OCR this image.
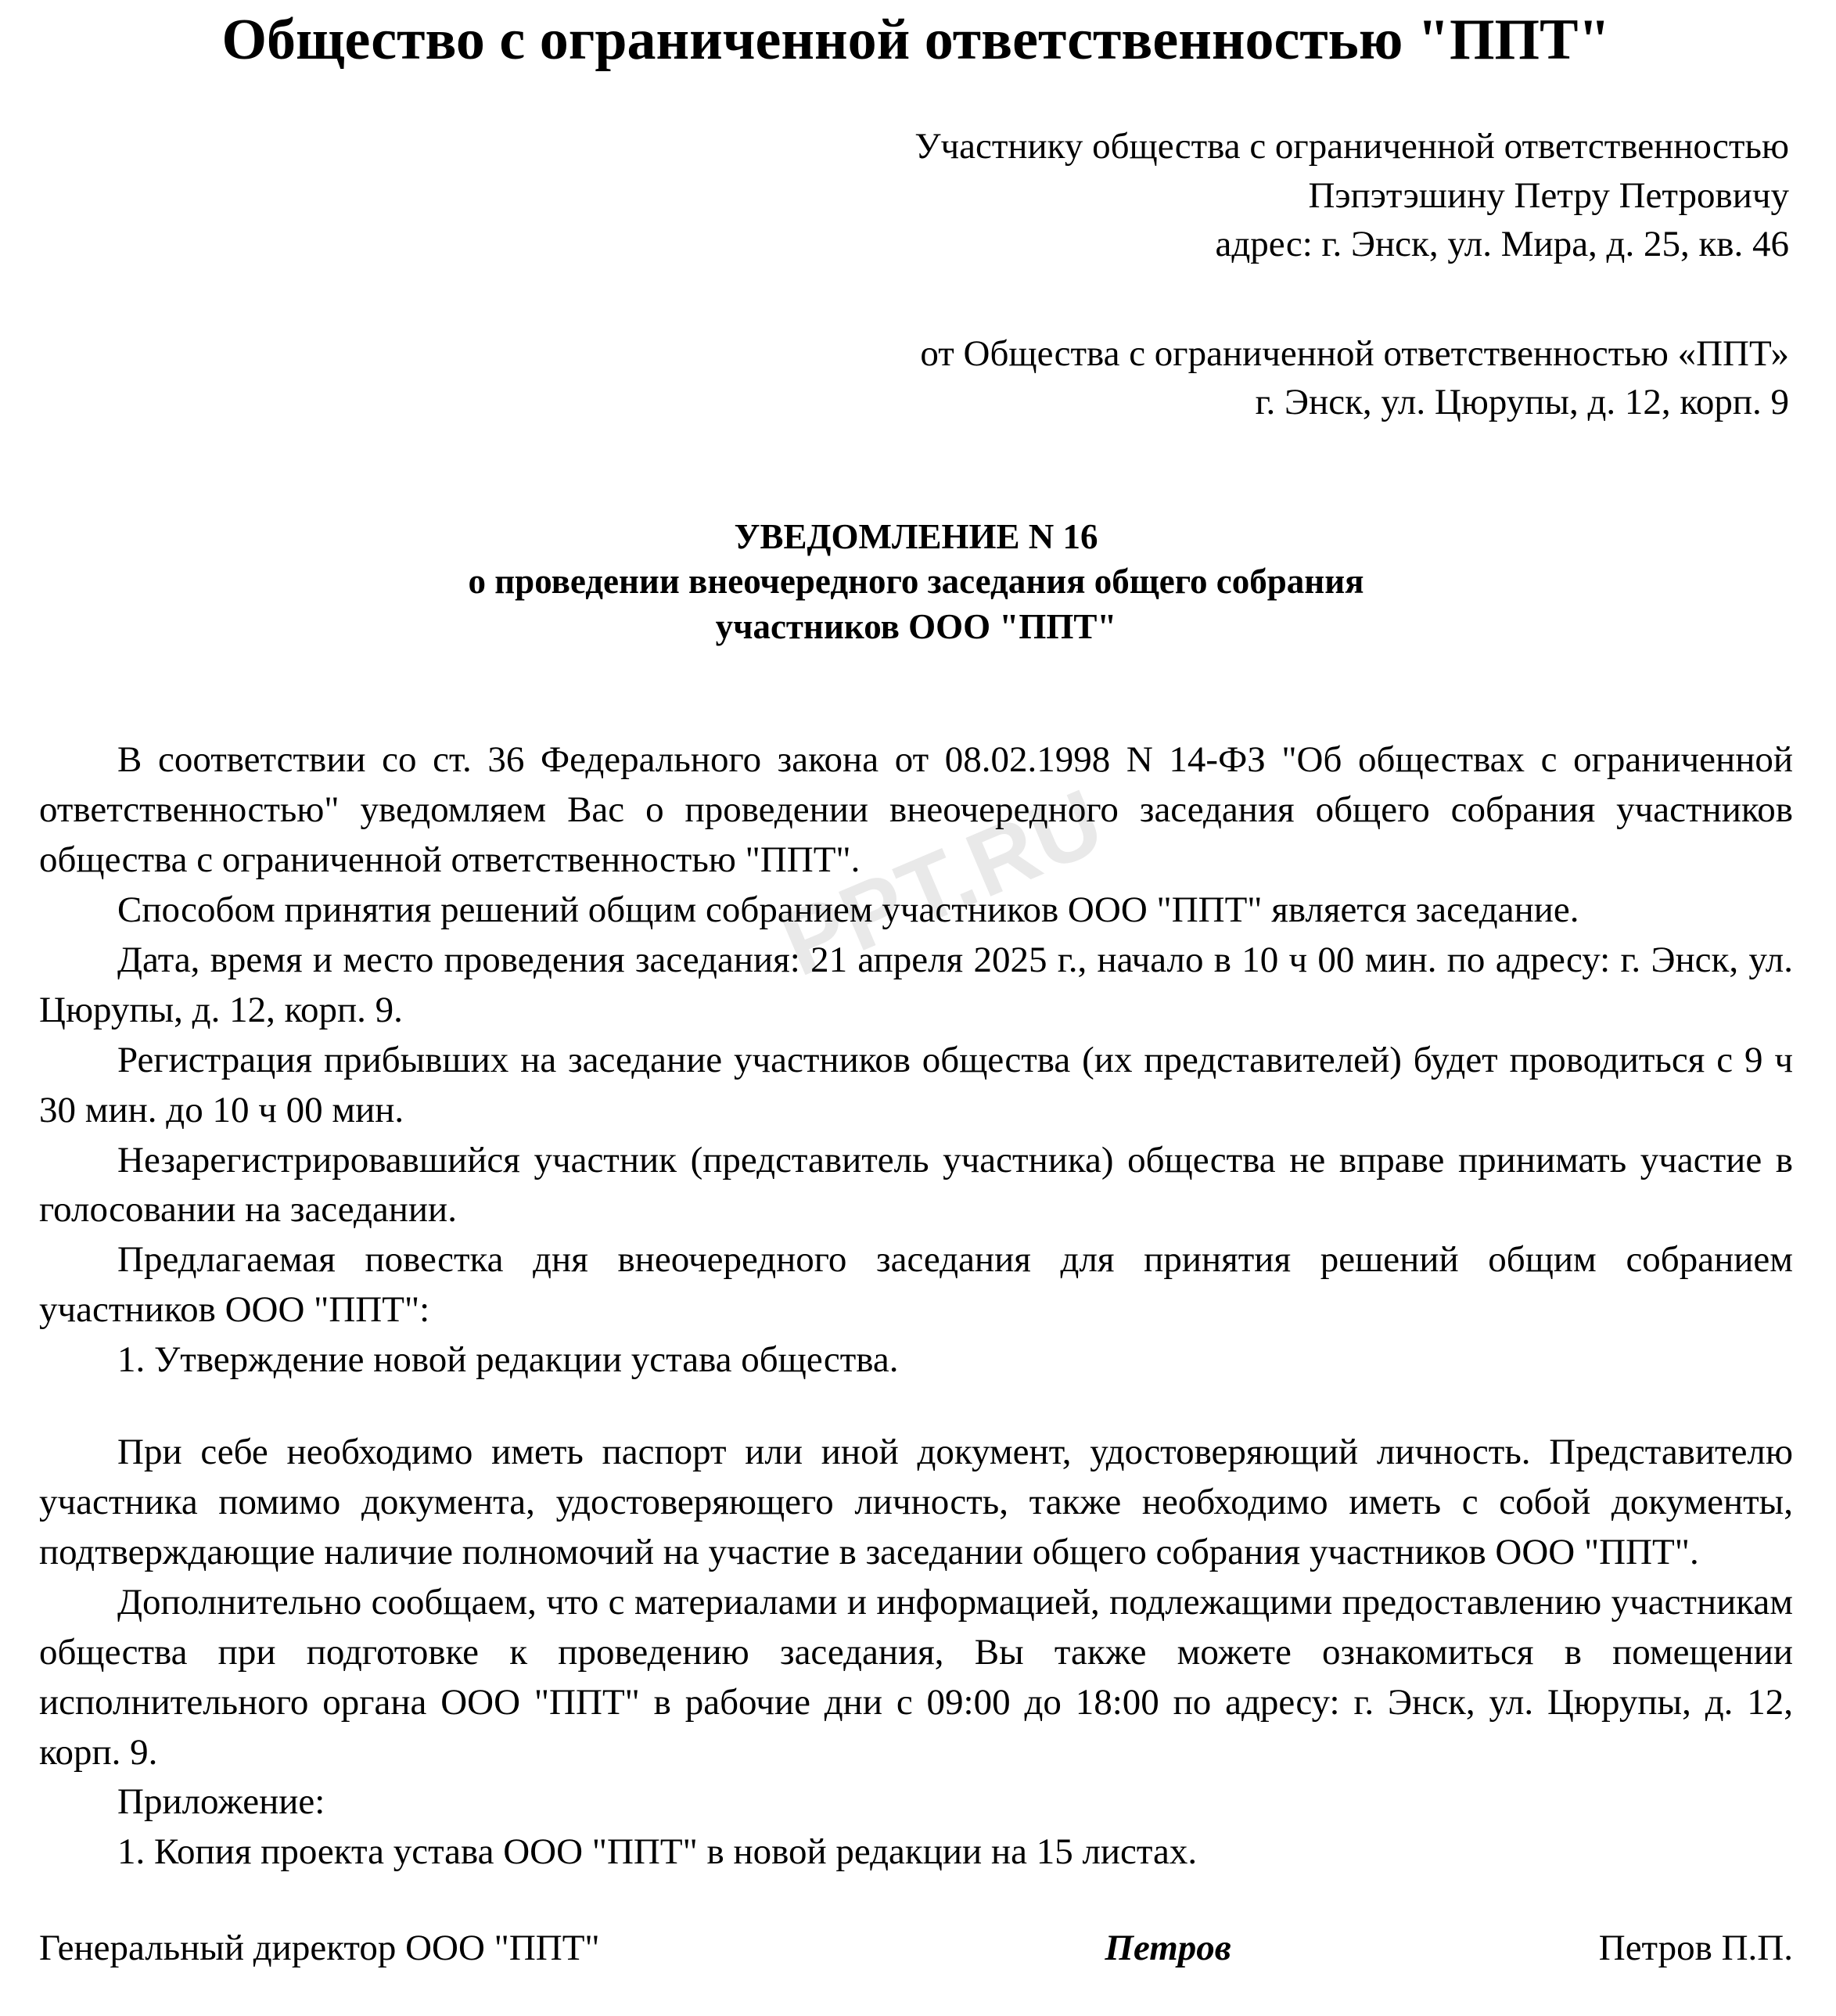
PPT.RU
Общество с ограниченной ответственностью "ППТ"
Участнику общества с ограниченной ответственностью
Пэпэтэшину Петру Петровичу
адрес: г. Энск, ул. Мира, д. 25, кв. 46
от Общества с ограниченной ответственностью «ППТ»
г. Энск, ул. Цюрупы, д. 12, корп. 9
УВЕДОМЛЕНИЕ N 16
о проведении внеочередного заседания общего собрания
участников ООО "ППТ"

В соответствии со ст. 36 Федерального закона от 08.02.1998 N 14-ФЗ "Об обществах с ограниченной ответственностью" уведомляем Вас о проведении внеочередного заседания общего собрания участников общества с ограниченной ответственностью "ППТ".

Способом принятия решений общим собранием участников ООО "ППТ" является заседание.

Дата, время и место проведения заседания: 21 апреля 2025 г., начало в 10 ч 00 мин. по адресу: г. Энск, ул. Цюрупы, д. 12, корп. 9.

Регистрация прибывших на заседание участников общества (их представителей) будет проводиться с 9 ч 30 мин. до 10 ч 00 мин.

Незарегистрировавшийся участник (представитель участника) общества не вправе принимать участие в голосовании на заседании.

Предлагаемая повестка дня внеочередного заседания для принятия решений общим собранием участников ООО "ППТ":

1. Утверждение новой редакции устава общества.

При себе необходимо иметь паспорт или иной документ, удостоверяющий личность. Представителю участника помимо документа, удостоверяющего личность, также необходимо иметь с собой документы, подтверждающие наличие полномочий на участие в заседании общего собрания участников ООО "ППТ".

Дополнительно сообщаем, что с материалами и информацией, подлежащими предоставлению участникам общества при подготовке к проведению заседания, Вы также можете ознакомиться в помещении исполнительного органа ООО "ППТ" в рабочие дни с 09:00 до 18:00 по адресу: г. Энск, ул. Цюрупы, д. 12, корп. 9.

Приложение:

1. Копия проекта устава ООО "ППТ" в новой редакции на 15 листах.

Генеральный директор ООО "ППТ"	Петров	Петров П.П.
